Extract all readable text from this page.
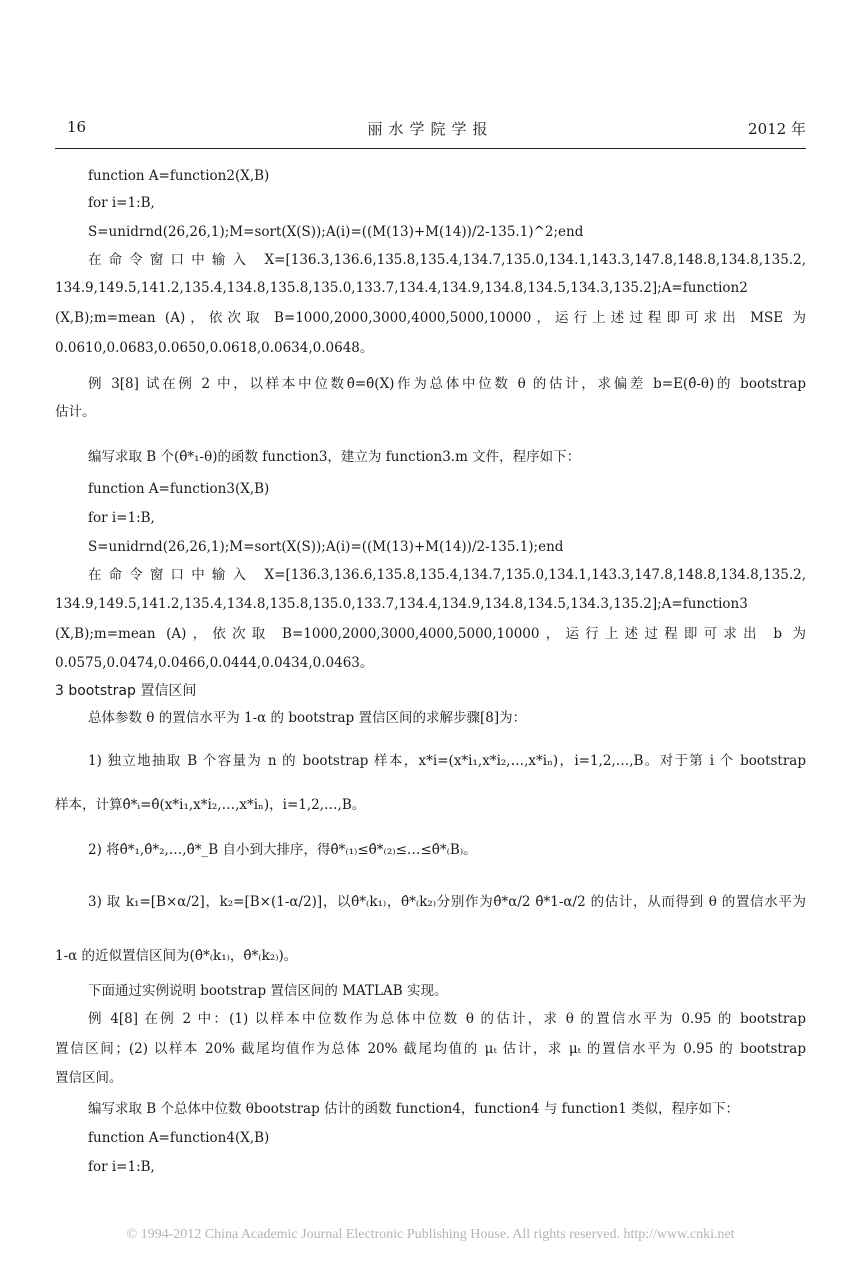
16	丽水学院学报	2012 年
function A=function2(X,B)
for i=1:B,
S=unidrnd(26,26,1);M=sort(X(S));A(i)=((M(13)+M(14))/2-135.1)^2;end
在命令窗口中输入 X=[136.3,136.6,135.8,135.4,134.7,135.0,134.1,143.3,147.8,148.8,134.8,135.2,
134.9,149.5,141.2,135.4,134.8,135.8,135.0,133.7,134.4,134.9,134.8,134.5,134.3,135.2];A=function2
(X,B);m=mean (A)，依次取 B=1000,2000,3000,4000,5000,10000，运行上述过程即可求出 MSE 为
0.0610,0.0683,0.0650,0.0618,0.0634,0.0648。
例 3[8] 试在例 2 中，以样本中位数θ̂=θ̂(X)作为总体中位数 θ 的估计，求偏差 b=E(θ̂-θ)的 bootstrap
估计。
编写求取 B 个(θ̂*₁-θ)的函数 function3，建立为 function3.m 文件，程序如下：
function A=function3(X,B)
for i=1:B,
S=unidrnd(26,26,1);M=sort(X(S));A(i)=((M(13)+M(14))/2-135.1);end
在命令窗口中输入 X=[136.3,136.6,135.8,135.4,134.7,135.0,134.1,143.3,147.8,148.8,134.8,135.2,
134.9,149.5,141.2,135.4,134.8,135.8,135.0,133.7,134.4,134.9,134.8,134.5,134.3,135.2];A=function3
(X,B);m=mean (A)，依次取 B=1000,2000,3000,4000,5000,10000，运行上述过程即可求出 b 为
0.0575,0.0474,0.0466,0.0444,0.0434,0.0463。
3 bootstrap 置信区间
总体参数 θ 的置信水平为 1-α 的 bootstrap 置信区间的求解步骤[8]为：
1) 独立地抽取 B 个容量为 n 的 bootstrap 样本，x*i=(x*i₁,x*i₂,…,x*iₙ)，i=1,2,…,B。对于第 i 个 bootstrap
样本，计算θ̂*ᵢ=θ̂(x*i₁,x*i₂,…,x*iₙ)，i=1,2,…,B。
2) 将θ̂*₁,θ̂*₂,…,θ̂*_B 自小到大排序，得θ̂*₍₁₎≤θ̂*₍₂₎≤…≤θ̂*₍B₎。
3) 取 k₁=[B×α/2]，k₂=[B×(1-α/2)]，以θ̂*₍k₁₎，θ̂*₍k₂₎分别作为θ̂*α/2 θ̂*1-α/2 的估计，从而得到 θ 的置信水平为
1-α 的近似置信区间为(θ̂*₍k₁₎，θ̂*₍k₂₎)。
下面通过实例说明 bootstrap 置信区间的 MATLAB 实现。
例 4[8] 在例 2 中：(1) 以样本中位数作为总体中位数 θ 的估计，求 θ 的置信水平为 0.95 的 bootstrap
置信区间；(2) 以样本 20% 截尾均值作为总体 20% 截尾均值的 μₜ 估计，求 μₜ 的置信水平为 0.95 的 bootstrap
置信区间。
编写求取 B 个总体中位数 θbootstrap 估计的函数 function4，function4 与 function1 类似，程序如下：
function A=function4(X,B)
for i=1:B,
© 1994-2012 China Academic Journal Electronic Publishing House. All rights reserved. http://www.cnki.net
